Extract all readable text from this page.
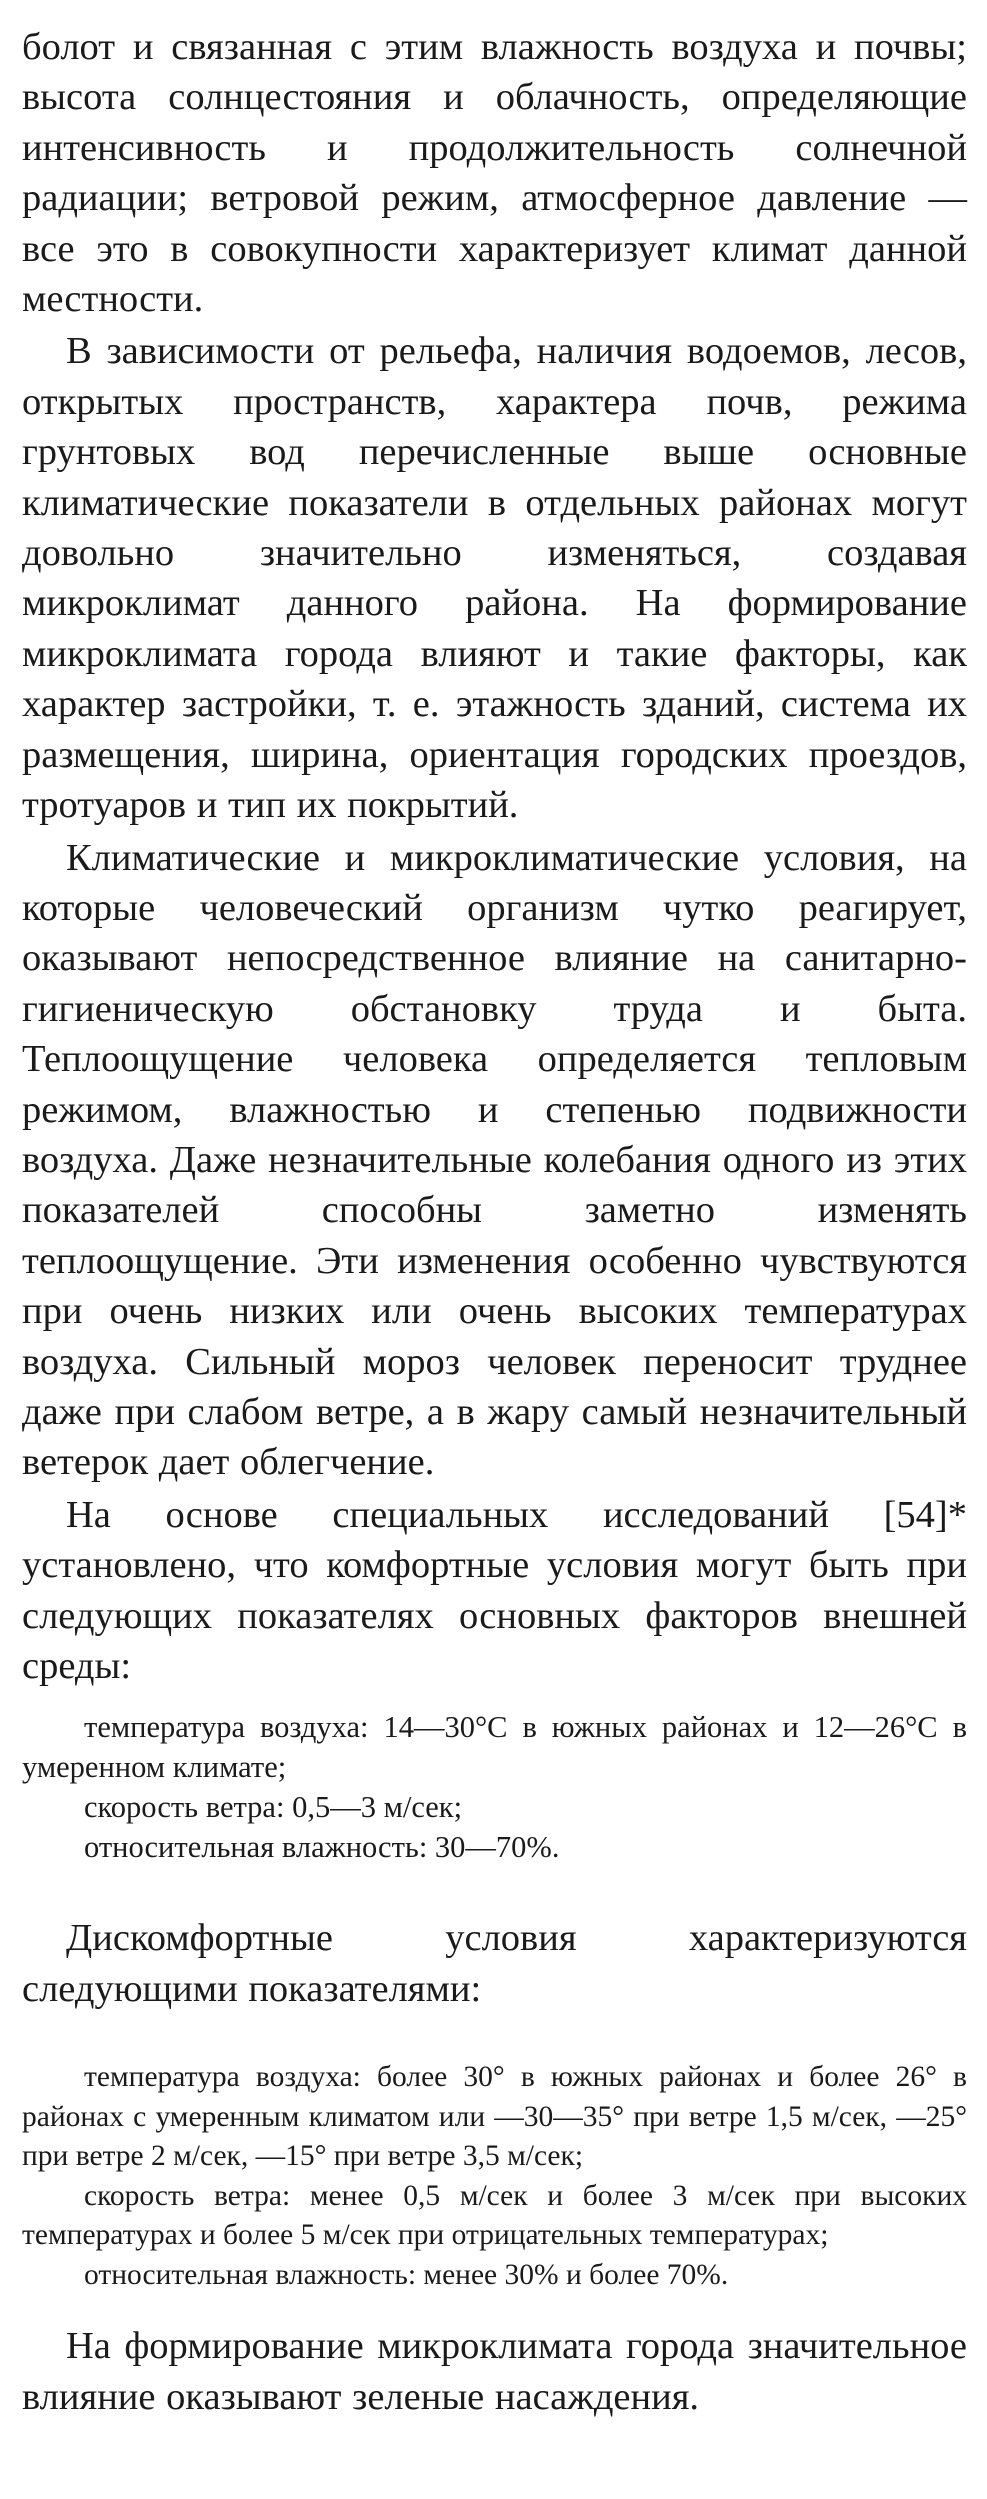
болот и связанная с этим влажность воздуха и почвы; высота солнцестояния и облачность, определяющие интенсивность и продолжительность солнечной радиации; ветровой режим, атмосферное давление — все это в совокупности характеризует климат данной местности.

В зависимости от рельефа, наличия водоемов, лесов, открытых пространств, характера почв, режима грунтовых вод перечисленные выше основные климатические показатели в отдельных районах могут довольно значительно изменяться, создавая микроклимат данного района. На формирование микроклимата города влияют и такие факторы, как характер застройки, т. е. этажность зданий, система их размещения, ширина, ориентация городских проездов, тротуаров и тип их покрытий.

Климатические и микроклиматические условия, на которые человеческий организм чутко реагирует, оказывают непосредственное влияние на санитарно-гигиеническую обстановку труда и быта. Теплоощущение человека определяется тепловым режимом, влажностью и степенью подвижности воздуха. Даже незначительные колебания одного из этих показателей способны заметно изменять теплоощущение. Эти изменения особенно чувствуются при очень низких или очень высоких температурах воздуха. Сильный мороз человек переносит труднее даже при слабом ветре, а в жару самый незначительный ветерок дает облегчение.

На основе специальных исследований [54]* установлено, что комфортные условия могут быть при следующих показателях основных факторов внешней среды:

температура воздуха: 14—30°С в южных районах и 12—26°С в умеренном климате;

скорость ветра: 0,5—3 м/сек;

относительная влажность: 30—70%.

Дискомфортные условия характеризуются следующими показателями:

температура воздуха: более 30° в южных районах и более 26° в районах с умеренным климатом или —30—35° при ветре 1,5 м/сек, —25° при ветре 2 м/сек, —15° при ветре 3,5 м/сек;

скорость ветра: менее 0,5 м/сек и более 3 м/сек при высоких температурах и более 5 м/сек при отрицательных температурах;

относительная влажность: менее 30% и более 70%.

На формирование микроклимата города значительное влияние оказывают зеленые насаждения.
